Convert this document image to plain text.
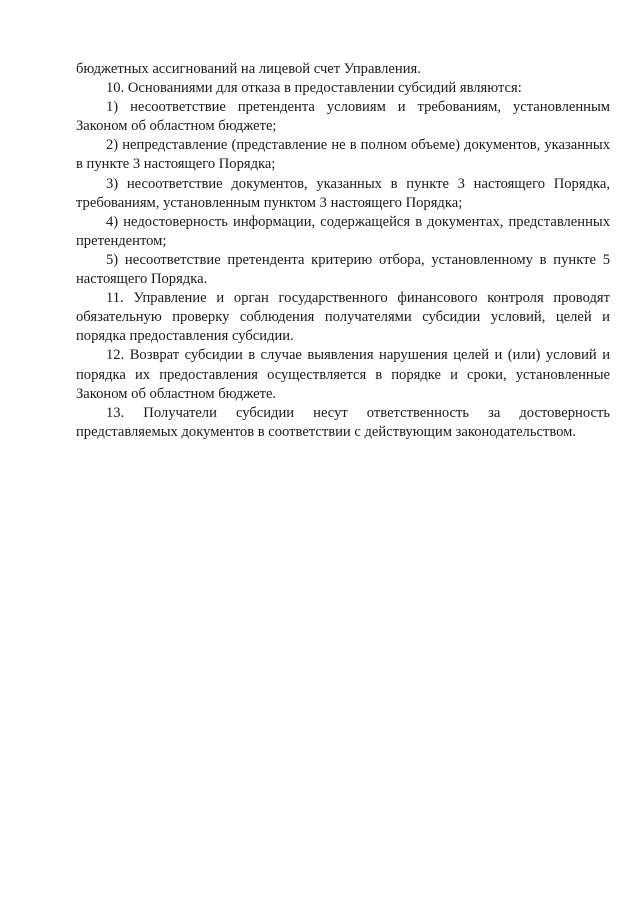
бюджетных ассигнований на лицевой счет Управления.

10. Основаниями для отказа в предоставлении субсидий являются:

1) несоответствие претендента условиям и требованиям, установленным Законом об областном бюджете;

2) непредставление (представление не в полном объеме) документов, указанных в пункте 3 настоящего Порядка;

3) несоответствие документов, указанных в пункте 3 настоящего Порядка, требованиям, установленным пунктом 3 настоящего Порядка;

4) недостоверность информации, содержащейся в документах, представленных претендентом;

5) несоответствие претендента критерию отбора, установленному в пункте 5 настоящего Порядка.

11. Управление и орган государственного финансового контроля проводят обязательную проверку соблюдения получателями субсидии условий, целей и порядка предоставления субсидии.

12. Возврат субсидии в случае выявления нарушения целей и (или) условий и порядка их предоставления осуществляется в порядке и сроки, установленные Законом об областном бюджете.

13. Получатели субсидии несут ответственность за достоверность представляемых документов в соответствии с действующим законодательством.
